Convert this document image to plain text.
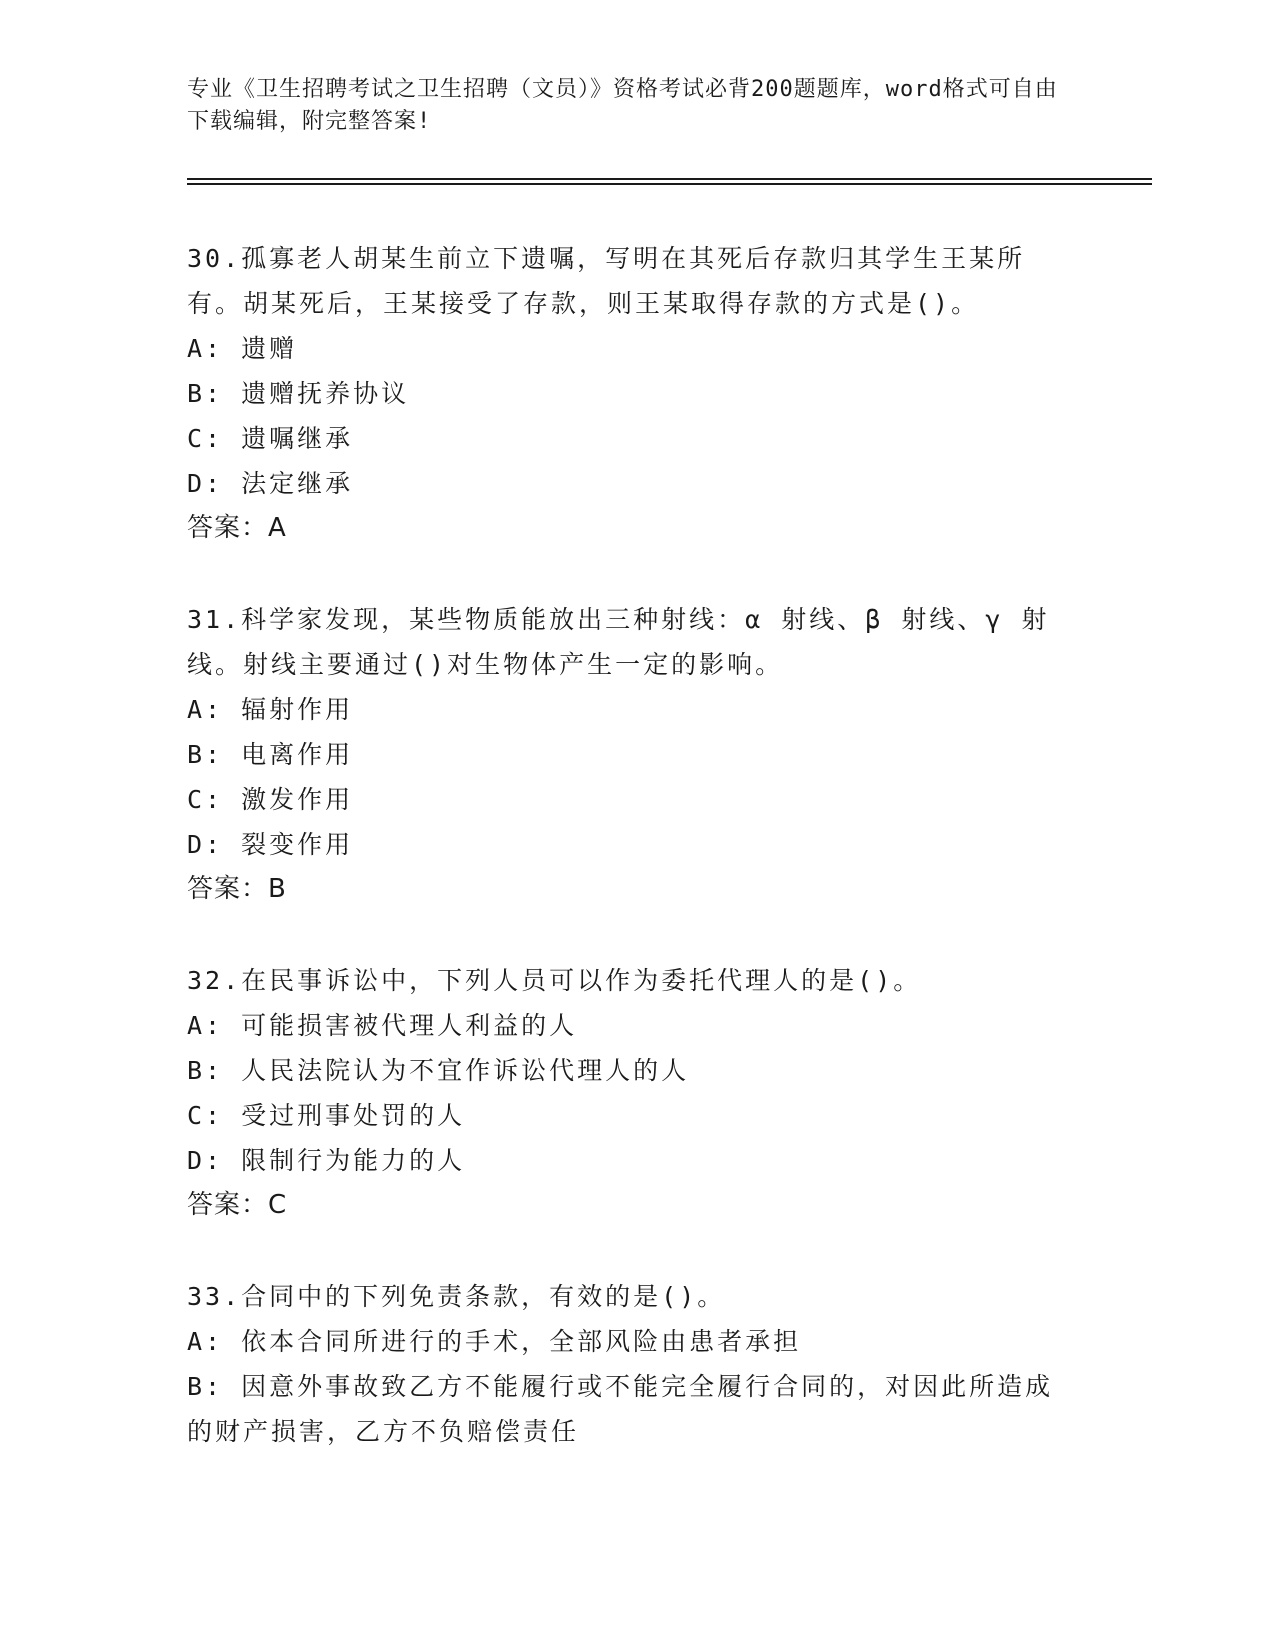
专业《卫生招聘考试之卫生招聘（文员）》资格考试必背200题题库，word格式可自由下载编辑，附完整答案!

30.孤寡老人胡某生前立下遗嘱，写明在其死后存款归其学生王某所有。胡某死后，王某接受了存款，则王某取得存款的方式是()。

A: 遗赠

B: 遗赠抚养协议

C: 遗嘱继承

D: 法定继承

答案：A

31.科学家发现，某些物质能放出三种射线：α 射线、β 射线、γ 射线。射线主要通过()对生物体产生一定的影响。

A: 辐射作用

B: 电离作用

C: 激发作用

D: 裂变作用

答案：B

32.在民事诉讼中，下列人员可以作为委托代理人的是()。

A: 可能损害被代理人利益的人

B: 人民法院认为不宜作诉讼代理人的人

C: 受过刑事处罚的人

D: 限制行为能力的人

答案：C

33.合同中的下列免责条款，有效的是()。

A: 依本合同所进行的手术，全部风险由患者承担

B: 因意外事故致乙方不能履行或不能完全履行合同的，对因此所造成的财产损害，乙方不负赔偿责任
